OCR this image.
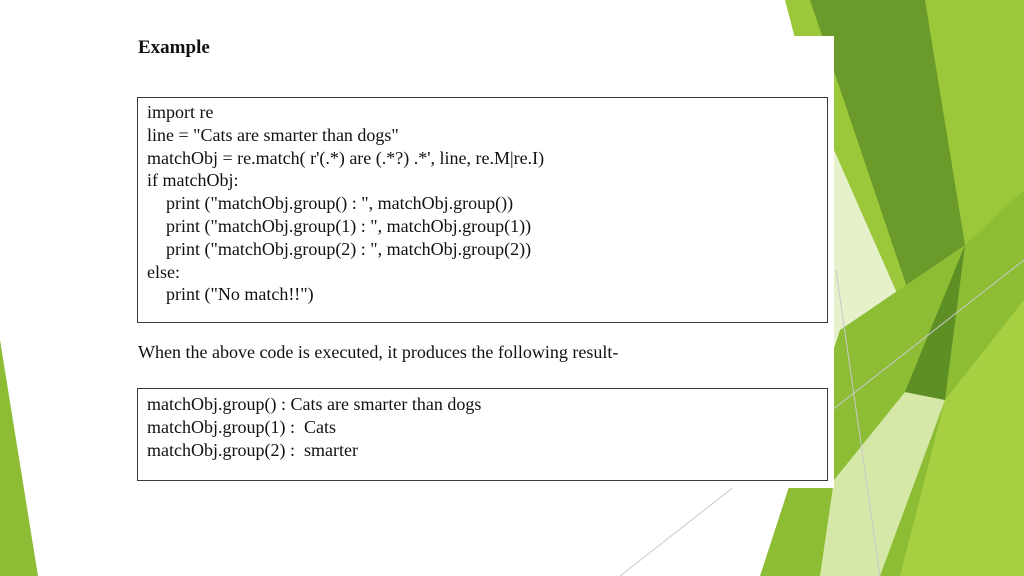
Example
import re
line = "Cats are smarter than dogs"
matchObj = re.match( r'(.*) are (.*?) .*', line, re.M|re.I)
if matchObj:
print ("matchObj.group() : ", matchObj.group())
print ("matchObj.group(1) : ", matchObj.group(1))
print ("matchObj.group(2) : ", matchObj.group(2))
else:
print ("No match!!")

When the above code is executed, it produces the following result-

matchObj.group() : Cats are smarter than dogs
matchObj.group(1) :  Cats
matchObj.group(2) :  smarter
